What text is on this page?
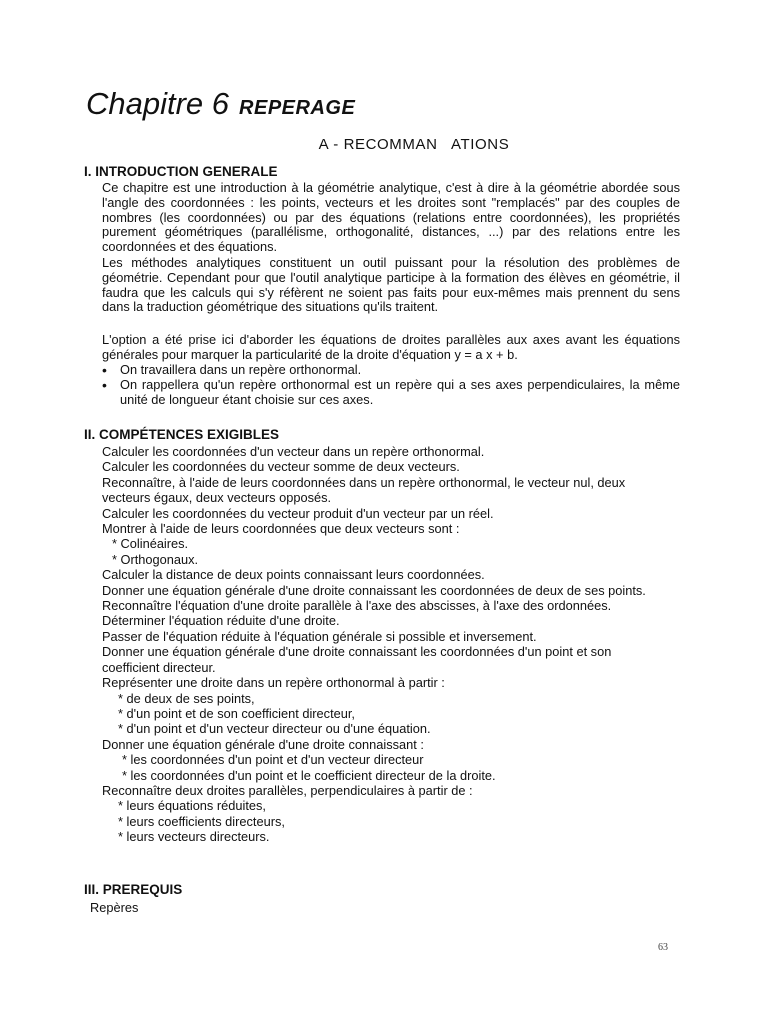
Chapitre 6 REPERAGE
A - RECOMMAN   ATIONS
I. INTRODUCTION GENERALE

Ce chapitre est une introduction à la géométrie analytique, c'est à dire à la géométrie abordée sous l'angle des coordonnées : les points, vecteurs et les droites sont "remplacés" par des couples de nombres (les coordonnées) ou par des équations (relations entre coordonnées), les propriétés purement géométriques (parallélisme, orthogonalité, distances, ...) par des relations entre les coordonnées et des équations.

Les méthodes analytiques constituent un outil puissant pour la résolution des problèmes de géométrie. Cependant pour que l'outil analytique participe à la formation des élèves en géométrie, il faudra que les calculs qui s'y réfèrent ne soient pas faits pour eux-mêmes mais prennent du sens dans la traduction géométrique des situations qu'ils traitent.

L'option a été prise ici d'aborder les équations de droites parallèles aux axes avant les équations générales pour marquer la particularité de la droite d'équation y = a x + b.

• On travaillera dans un repère orthonormal.
• On rappellera qu'un repère orthonormal est un repère qui a ses axes perpendiculaires, la même unité de longueur étant choisie sur ces axes.
II. COMPÉTENCES EXIGIBLES
Calculer les coordonnées d'un vecteur dans un repère orthonormal.
Calculer les coordonnées du vecteur somme de deux vecteurs.
Reconnaître, à l'aide de leurs coordonnées dans un repère orthonormal, le vecteur nul, deux vecteurs égaux, deux vecteurs opposés.
Calculer les coordonnées du vecteur produit d'un vecteur par un réel.
Montrer à l'aide de leurs coordonnées que deux vecteurs sont :
* Colinéaires.
* Orthogonaux.
Calculer la distance de deux points connaissant leurs coordonnées.
Donner une équation générale d'une droite connaissant les coordonnées de deux de ses points.
Reconnaître l'équation d'une droite parallèle à l'axe des abscisses, à l'axe des ordonnées.
Déterminer l'équation réduite d'une droite.
Passer de l'équation réduite à l'équation générale si possible et inversement.
Donner une équation générale d'une droite connaissant les coordonnées d'un point et son coefficient directeur.
Représenter une droite dans un repère orthonormal à partir :
* de deux de ses points,
* d'un point et de son coefficient directeur,
* d'un point et d'un vecteur directeur ou d'une équation.
Donner une équation générale d'une droite connaissant :
* les coordonnées d'un point et d'un vecteur directeur
* les coordonnées d'un point et le coefficient directeur de la droite.
Reconnaître deux droites parallèles, perpendiculaires à partir de :
* leurs équations réduites,
* leurs coefficients directeurs,
* leurs vecteurs directeurs.
III. PREREQUIS
Repères
63
